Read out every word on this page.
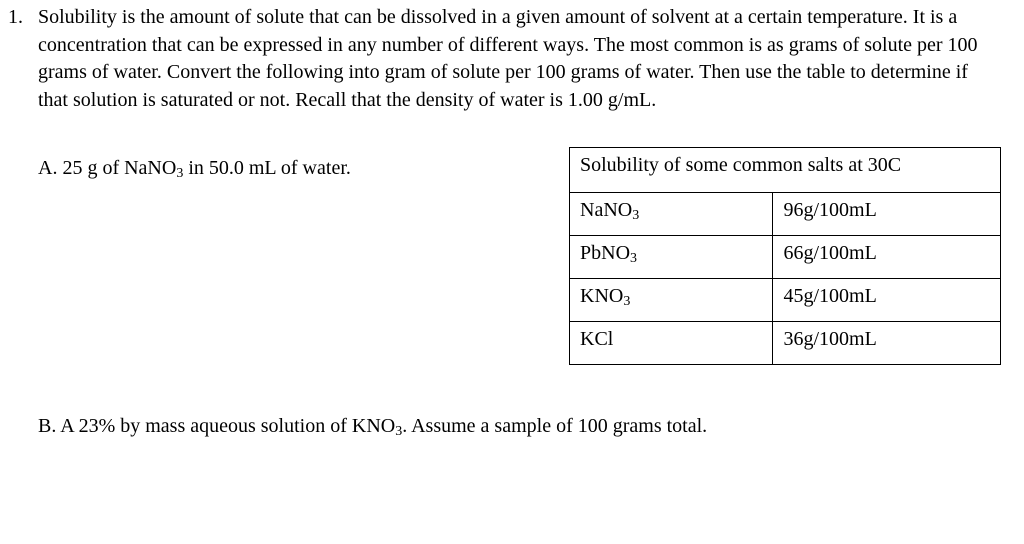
1. Solubility is the amount of solute that can be dissolved in a given amount of solvent at a certain temperature. It is a concentration that can be expressed in any number of different ways. The most common is as grams of solute per 100 grams of water. Convert the following into gram of solute per 100 grams of water. Then use the table to determine if that solution is saturated or not. Recall that the density of water is 1.00 g/mL.
A. 25 g of NaNO$_3$ in 50.0 mL of water.	Solubility of some common salts at 30C	
NaNO$_3$	96g/100mL
PbNO$_3$	66g/100mL
$KNO_3$	45g/100mL
KCl	36g/100mL
B. A 23% by mass aqueous solution of $KNO_3$. Assume a sample of 100 grams total.
